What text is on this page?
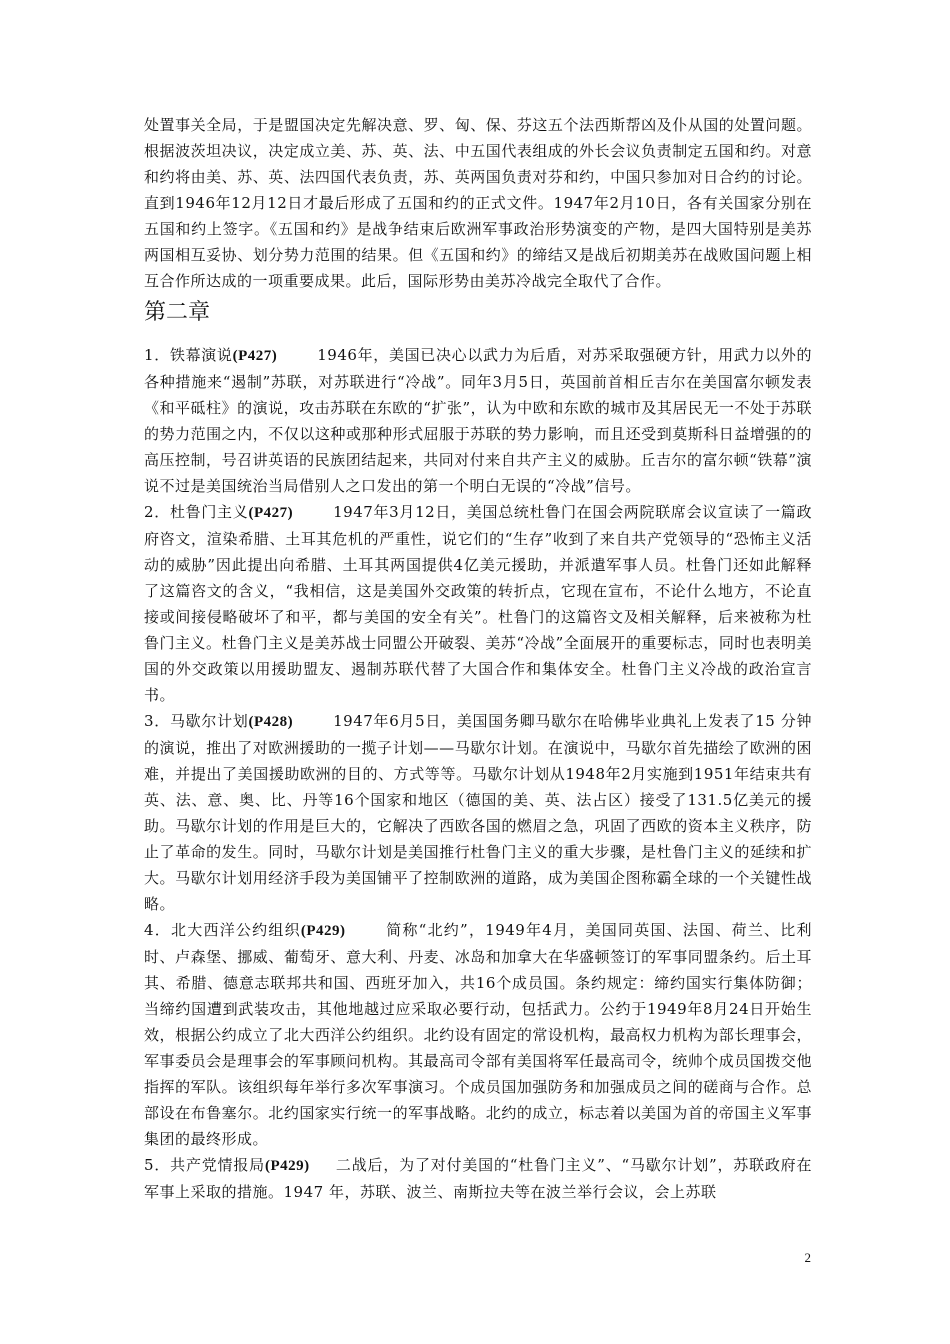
处置事关全局，于是盟国决定先解决意、罗、匈、保、芬这五个法西斯帮凶及仆从国的处置问题。根据波茨坦决议，决定成立美、苏、英、法、中五国代表组成的外长会议负责制定五国和约。对意和约将由美、苏、英、法四国代表负责，苏、英两国负责对芬和约，中国只参加对日合约的讨论。直到1946年12月12日才最后形成了五国和约的正式文件。1947年2月10日，各有关国家分别在五国和约上签字。《五国和约》是战争结束后欧洲军事政治形势演变的产物，是四大国特别是美苏两国相互妥协、划分势力范围的结果。但《五国和约》的缔结又是战后初期美苏在战败国问题上相互合作所达成的一项重要成果。此后，国际形势由美苏冷战完全取代了合作。

第二章

1．铁幕演说(P427)	1946年，美国已决心以武力为后盾，对苏采取强硬方针，用武力以外的各种措施来“遏制”苏联，对苏联进行“冷战”。同年3月5日，英国前首相丘吉尔在美国富尔顿发表《和平砥柱》的演说，攻击苏联在东欧的“扩张”，认为中欧和东欧的城市及其居民无一不处于苏联的势力范围之内，不仅以这种或那种形式屈服于苏联的势力影响，而且还受到莫斯科日益增强的的高压控制，号召讲英语的民族团结起来，共同对付来自共产主义的威胁。丘吉尔的富尔顿“铁幕”演说不过是美国统治当局借别人之口发出的第一个明白无误的“冷战”信号。

2．杜鲁门主义(P427)	1947年3月12日，美国总统杜鲁门在国会两院联席会议宣读了一篇政府咨文，渲染希腊、土耳其危机的严重性，说它们的“生存”收到了来自共产党领导的“恐怖主义活动的威胁”因此提出向希腊、土耳其两国提供4亿美元援助，并派遣军事人员。杜鲁门还如此解释了这篇咨文的含义，“我相信，这是美国外交政策的转折点，它现在宣布，不论什么地方，不论直接或间接侵略破坏了和平，都与美国的安全有关”。杜鲁门的这篇咨文及相关解释，后来被称为杜鲁门主义。杜鲁门主义是美苏战士同盟公开破裂、美苏“冷战”全面展开的重要标志，同时也表明美国的外交政策以用援助盟友、遏制苏联代替了大国合作和集体安全。杜鲁门主义冷战的政治宣言书。

3．马歇尔计划(P428)	1947年6月5日，美国国务卿马歇尔在哈佛毕业典礼上发表了15 分钟的演说，推出了对欧洲援助的一揽子计划——马歇尔计划。在演说中，马歇尔首先描绘了欧洲的困难，并提出了美国援助欧洲的目的、方式等等。马歇尔计划从1948年2月实施到1951年结束共有英、法、意、奥、比、丹等16个国家和地区（德国的美、英、法占区）接受了131.5亿美元的援助。马歇尔计划的作用是巨大的，它解决了西欧各国的燃眉之急，巩固了西欧的资本主义秩序，防止了革命的发生。同时，马歇尔计划是美国推行杜鲁门主义的重大步骤，是杜鲁门主义的延续和扩大。马歇尔计划用经济手段为美国铺平了控制欧洲的道路，成为美国企图称霸全球的一个关键性战略。

4．北大西洋公约组织(P429)	简称“北约”，1949年4月，美国同英国、法国、荷兰、比利时、卢森堡、挪威、葡萄牙、意大利、丹麦、冰岛和加拿大在华盛顿签订的军事同盟条约。后土耳其、希腊、德意志联邦共和国、西班牙加入，共16个成员国。条约规定：缔约国实行集体防御；当缔约国遭到武装攻击，其他地越过应采取必要行动，包括武力。公约于1949年8月24日开始生效，根据公约成立了北大西洋公约组织。北约设有固定的常设机构，最高权力机构为部长理事会，军事委员会是理事会的军事顾问机构。其最高司令部有美国将军任最高司令，统帅个成员国拨交他指挥的军队。该组织每年举行多次军事演习。个成员国加强防务和加强成员之间的磋商与合作。总部设在布鲁塞尔。北约国家实行统一的军事战略。北约的成立，标志着以美国为首的帝国主义军事集团的最终形成。

5．共产党情报局(P429) 二战后，为了对付美国的“杜鲁门主义”、“马歇尔计划”，苏联政府在军事上采取的措施。1947 年，苏联、波兰、南斯拉夫等在波兰举行会议，会上苏联

2
